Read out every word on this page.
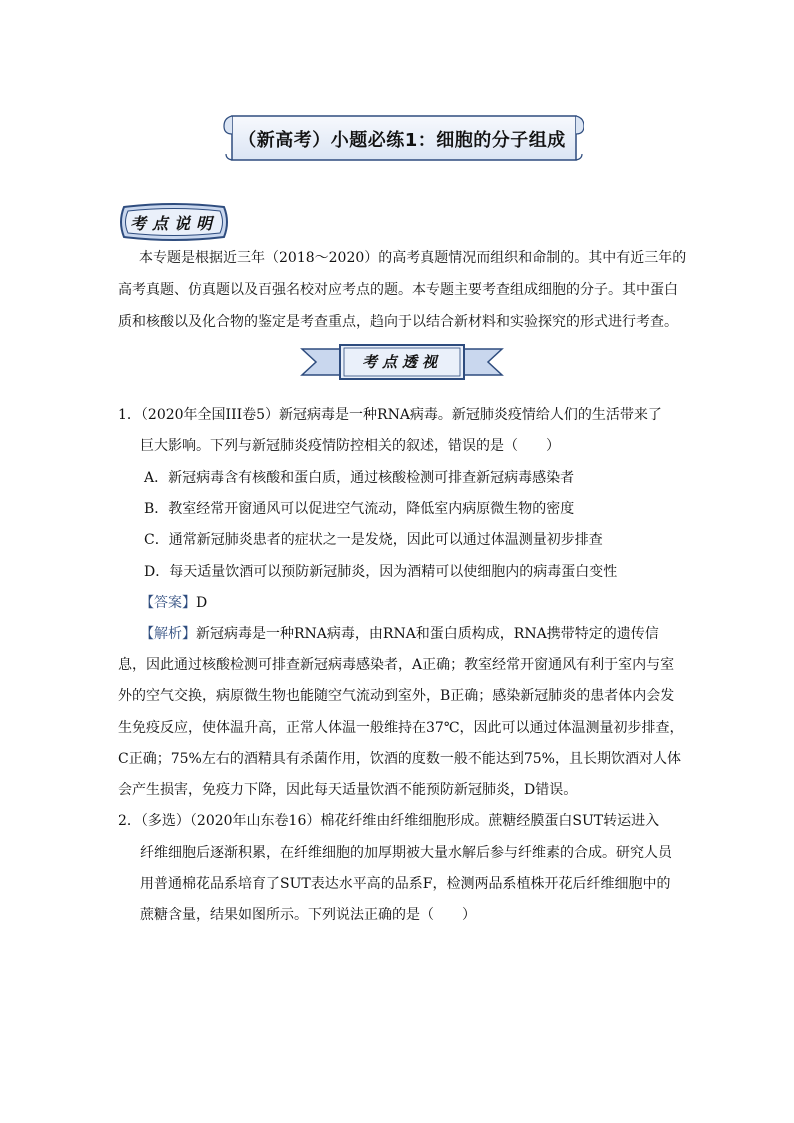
（新高考）小题必练1：细胞的分子组成
考点说明
本专题是根据近三年（2018～2020）的高考真题情况而组织和命制的。其中有近三年的
高考真题、仿真题以及百强名校对应考点的题。本专题主要考查组成细胞的分子。其中蛋白
质和核酸以及化合物的鉴定是考查重点，趋向于以结合新材料和实验探究的形式进行考查。
考点透视
1．（2020年全国III卷5）新冠病毒是一种RNA病毒。新冠肺炎疫情给人们的生活带来了
巨大影响。下列与新冠肺炎疫情防控相关的叙述，错误的是（　　）
A．新冠病毒含有核酸和蛋白质，通过核酸检测可排查新冠病毒感染者
B．教室经常开窗通风可以促进空气流动，降低室内病原微生物的密度
C．通常新冠肺炎患者的症状之一是发烧，因此可以通过体温测量初步排查
D．每天适量饮酒可以预防新冠肺炎，因为酒精可以使细胞内的病毒蛋白变性
【答案】D
【解析】新冠病毒是一种RNA病毒，由RNA和蛋白质构成，RNA携带特定的遗传信
息，因此通过核酸检测可排查新冠病毒感染者，A正确；教室经常开窗通风有利于室内与室
外的空气交换，病原微生物也能随空气流动到室外，B正确；感染新冠肺炎的患者体内会发
生免疫反应，使体温升高，正常人体温一般维持在37℃，因此可以通过体温测量初步排查，
C正确；75%左右的酒精具有杀菌作用，饮酒的度数一般不能达到75%，且长期饮酒对人体
会产生损害，免疫力下降，因此每天适量饮酒不能预防新冠肺炎，D错误。
2．（多选）（2020年山东卷16）棉花纤维由纤维细胞形成。蔗糖经膜蛋白SUT转运进入
纤维细胞后逐渐积累，在纤维细胞的加厚期被大量水解后参与纤维素的合成。研究人员
用普通棉花品系培育了SUT表达水平高的品系F，检测两品系植株开花后纤维细胞中的
蔗糖含量，结果如图所示。下列说法正确的是（　　）
